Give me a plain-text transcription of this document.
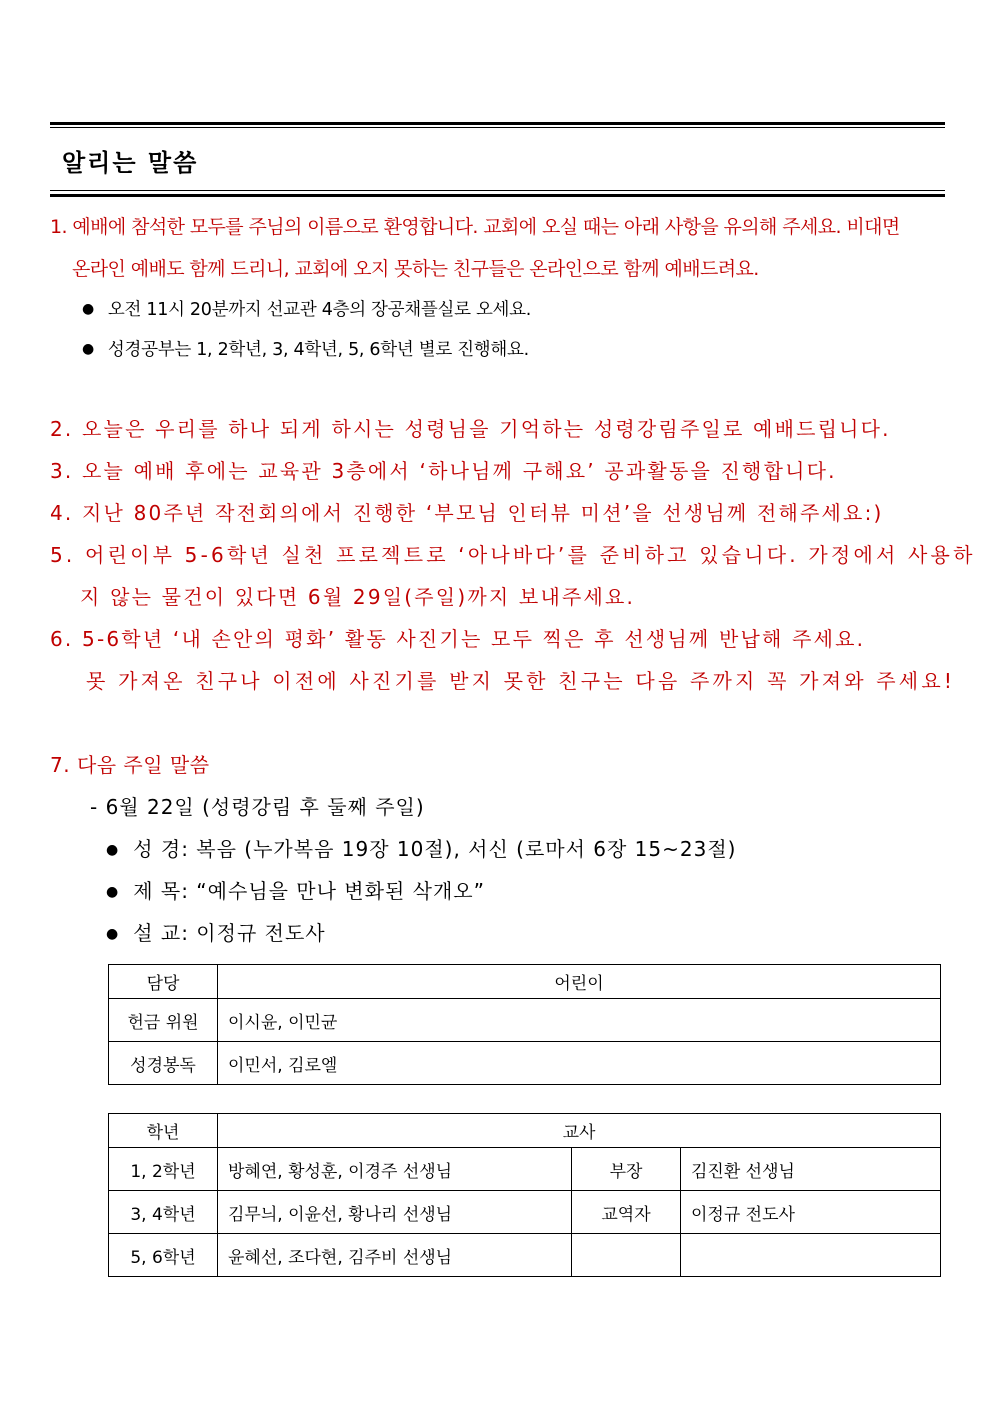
알리는 말씀
1. 예배에 참석한 모두를 주님의 이름으로 환영합니다. 교회에 오실 때는 아래 사항을 유의해 주세요. 비대면
온라인 예배도 함께 드리니, 교회에 오지 못하는 친구들은 온라인으로 함께 예배드려요.
● 오전 11시 20분까지 선교관 4층의 장공채플실로 오세요.
● 성경공부는 1, 2학년, 3, 4학년, 5, 6학년 별로 진행해요.
2. 오늘은 우리를 하나 되게 하시는 성령님을 기억하는 성령강림주일로 예배드립니다.
3. 오늘 예배 후에는 교육관 3층에서 ‘하나님께 구해요’ 공과활동을 진행합니다.
4. 지난 80주년 작전회의에서 진행한 ‘부모님 인터뷰 미션’을 선생님께 전해주세요:)
5. 어린이부 5-6학년 실천 프로젝트로 ‘아나바다’를 준비하고 있습니다. 가정에서 사용하
지 않는 물건이 있다면 6월 29일(주일)까지 보내주세요.
6. 5-6학년 ‘내 손안의 평화’ 활동 사진기는 모두 찍은 후 선생님께 반납해 주세요.
못 가져온 친구나 이전에 사진기를 받지 못한 친구는 다음 주까지 꼭 가져와 주세요!
7. 다음 주일 말씀
- 6월 22일 (성령강림 후 둘째 주일)
● 성 경: 복음 (누가복음 19장 10절), 서신 (로마서 6장 15~23절)
● 제 목: “예수님을 만나 변화된 삭개오”
● 설 교: 이정규 전도사
담당	어린이
헌금 위원	이시윤, 이민균
성경봉독	이민서, 김로엘
학년	교사		
1, 2학년	방혜연, 황성훈, 이경주 선생님	부장	김진환 선생님
3, 4학년	김무늬, 이윤선, 황나리 선생님	교역자	이정규 전도사
5, 6학년	윤혜선, 조다현, 김주비 선생님		
